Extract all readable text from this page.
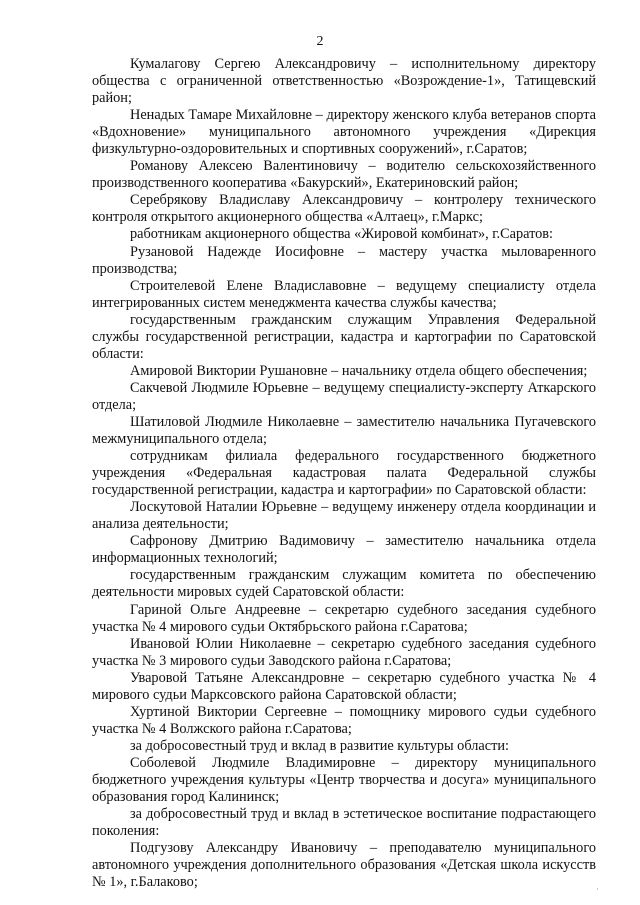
2

Кумалагову Сергею Александровичу – исполнительному директору общества с ограниченной ответственностью «Возрождение-1», Татищевский район;

Ненадых Тамаре Михайловне – директору женского клуба ветеранов спорта «Вдохновение» муниципального автономного учреждения «Дирекция физкультурно-оздоровительных и спортивных сооружений», г.Саратов;

Романову Алексею Валентиновичу – водителю сельскохозяйственного производственного кооператива «Бакурский», Екатериновский район;

Серебрякову Владиславу Александровичу – контролеру технического контроля открытого акционерного общества «Алтаец», г.Маркс;

работникам акционерного общества «Жировой комбинат», г.Саратов:

Рузановой Надежде Иосифовне – мастеру участка мыловаренного производства;

Строителевой Елене Владиславовне – ведущему специалисту отдела интегрированных систем менеджмента качества службы качества;

государственным гражданским служащим Управления Федеральной службы государственной регистрации, кадастра и картографии по Саратовской области:

Амировой Виктории Рушановне – начальнику отдела общего обеспечения;

Сакчевой Людмиле Юрьевне – ведущему специалисту-эксперту Аткарского отдела;

Шатиловой Людмиле Николаевне – заместителю начальника Пугачевского межмуниципального отдела;

сотрудникам филиала федерального государственного бюджетного учреждения «Федеральная кадастровая палата Федеральной службы государственной регистрации, кадастра и картографии» по Саратовской области:

Лоскутовой Наталии Юрьевне – ведущему инженеру отдела координации и анализа деятельности;

Сафронову Дмитрию Вадимовичу – заместителю начальника отдела информационных технологий;

государственным гражданским служащим комитета по обеспечению деятельности мировых судей Саратовской области:

Гариной Ольге Андреевне – секретарю судебного заседания судебного участка № 4 мирового судьи Октябрьского района г.Саратова;

Ивановой Юлии Николаевне – секретарю судебного заседания судебного участка № 3 мирового судьи Заводского района г.Саратова;

Уваровой Татьяне Александровне – секретарю судебного участка № 4 мирового судьи Марксовского района Саратовской области;

Хуртиной Виктории Сергеевне – помощнику мирового судьи судебного участка № 4 Волжского района г.Саратова;

за добросовестный труд и вклад в развитие культуры области:

Соболевой Людмиле Владимировне – директору муниципального бюджетного учреждения культуры «Центр творчества и досуга» муниципального образования город Калининск;

за добросовестный труд и вклад в эстетическое воспитание подрастающего поколения:

Подгузову Александру Ивановичу – преподавателю муниципального автономного учреждения дополнительного образования «Детская школа искусств № 1», г.Балаково;	·
